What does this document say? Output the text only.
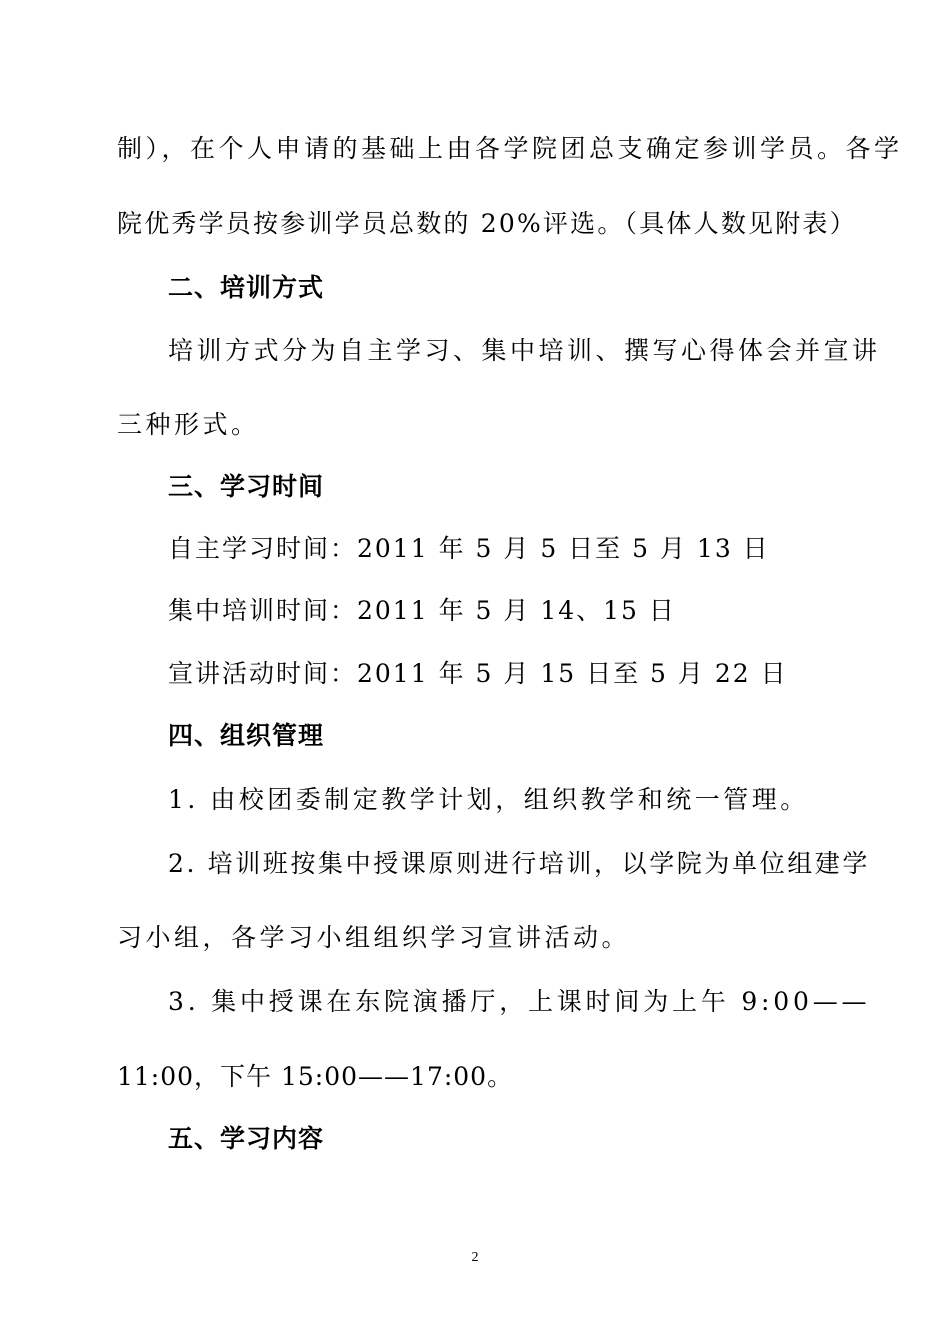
制），在个人申请的基础上由各学院团总支确定参训学员。各学
院优秀学员按参训学员总数的 20%评选。（具体人数见附表）
二、培训方式
培训方式分为自主学习、集中培训、撰写心得体会并宣讲
三种形式。
三、学习时间
自主学习时间：2011 年 5 月 5 日至 5 月 13 日
集中培训时间：2011 年 5 月 14、15 日
宣讲活动时间：2011 年 5 月 15 日至 5 月 22 日
四、组织管理
1. 由校团委制定教学计划，组织教学和统一管理。
2. 培训班按集中授课原则进行培训，以学院为单位组建学
习小组，各学习小组组织学习宣讲活动。
3. 集中授课在东院演播厅，上课时间为上午 9:00——
11:00，下午 15:00——17:00。
五、学习内容
2
